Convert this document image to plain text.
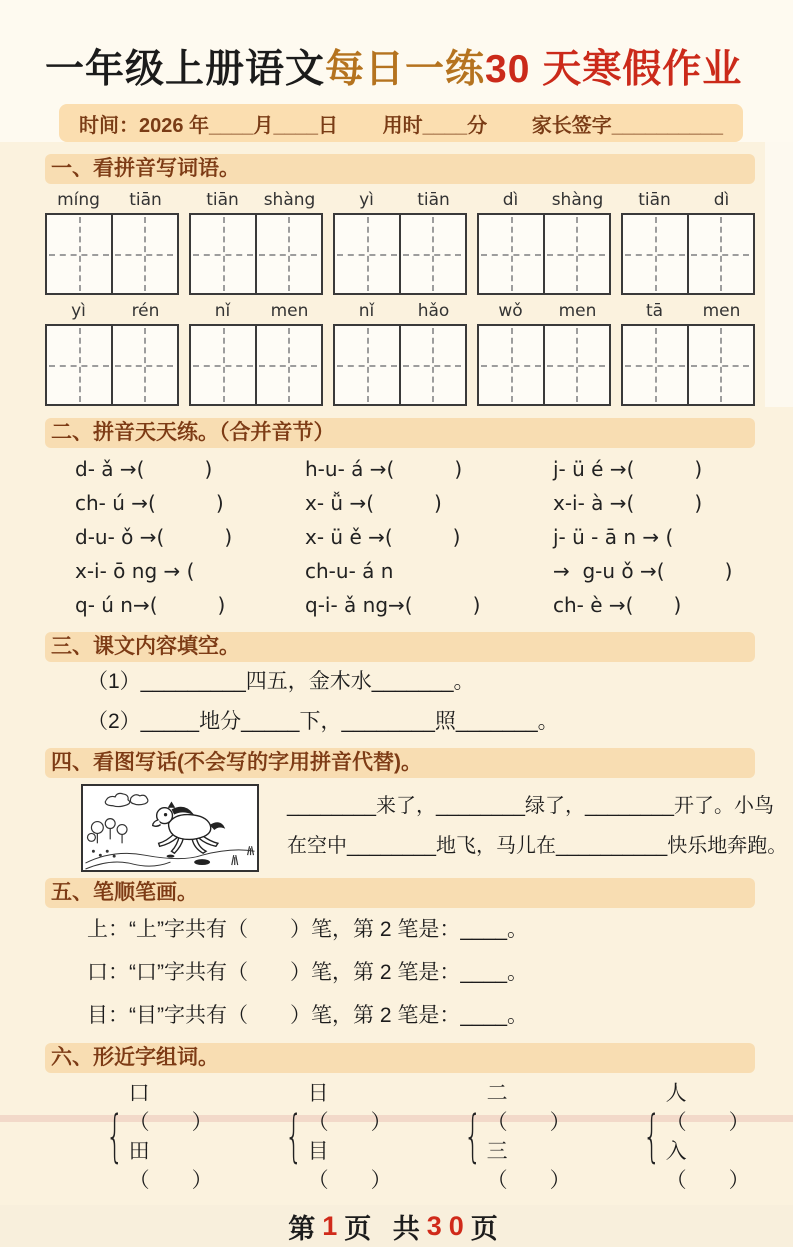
一年级上册语文每日一练30 天寒假作业
时间：2026 年____月____日 用时____分 家长签字__________
一、看拼音写词语。
míng	tiān	tiān	shàng	yì	tiān	dì	shàng	tiān	dì
yì	rén	nǐ	men	nǐ	hǎo	wǒ	men	tā	men
二、拼音天天练。（合并音节）
d- ǎ →(　　　)	h-u- á →(　　　)	j- ü é →(　　　)
ch- ú →(　　　)	x- ǚ →(　　　)	x-i- à →(　　　)
d-u- ǒ →(　　　)	x- ü ě →(　　　)	j- ü - ā n → (
x-i- ō ng → (	ch-u- á n	→  g-u ǒ →(　　　)
q- ú n→(　　　)	q-i- ǎ ng→(　　　)	ch- è →(　　)
三、课文内容填空。
（1）_________四五，金木水_______。
（2）_____地分_____下，________照_______。
四、看图写话(不会写的字用拼音代替)。
________来了，________绿了，________开了。小鸟
在空中________地飞，马儿在__________快乐地奔跑。
五、笔顺笔画。
上：“上”字共有（　　）笔，第 2 笔是：____。
口：“口”字共有（　　）笔，第 2 笔是：____。
目：“目”字共有（　　）笔，第 2 笔是：____。
六、形近字组词。
{
口（　　）
田（　　）
{
日（　　）
目（　　）
{
二（　　）
三（　　）
{
人（　　）
入（　　）
第 1 页 共 30 页
